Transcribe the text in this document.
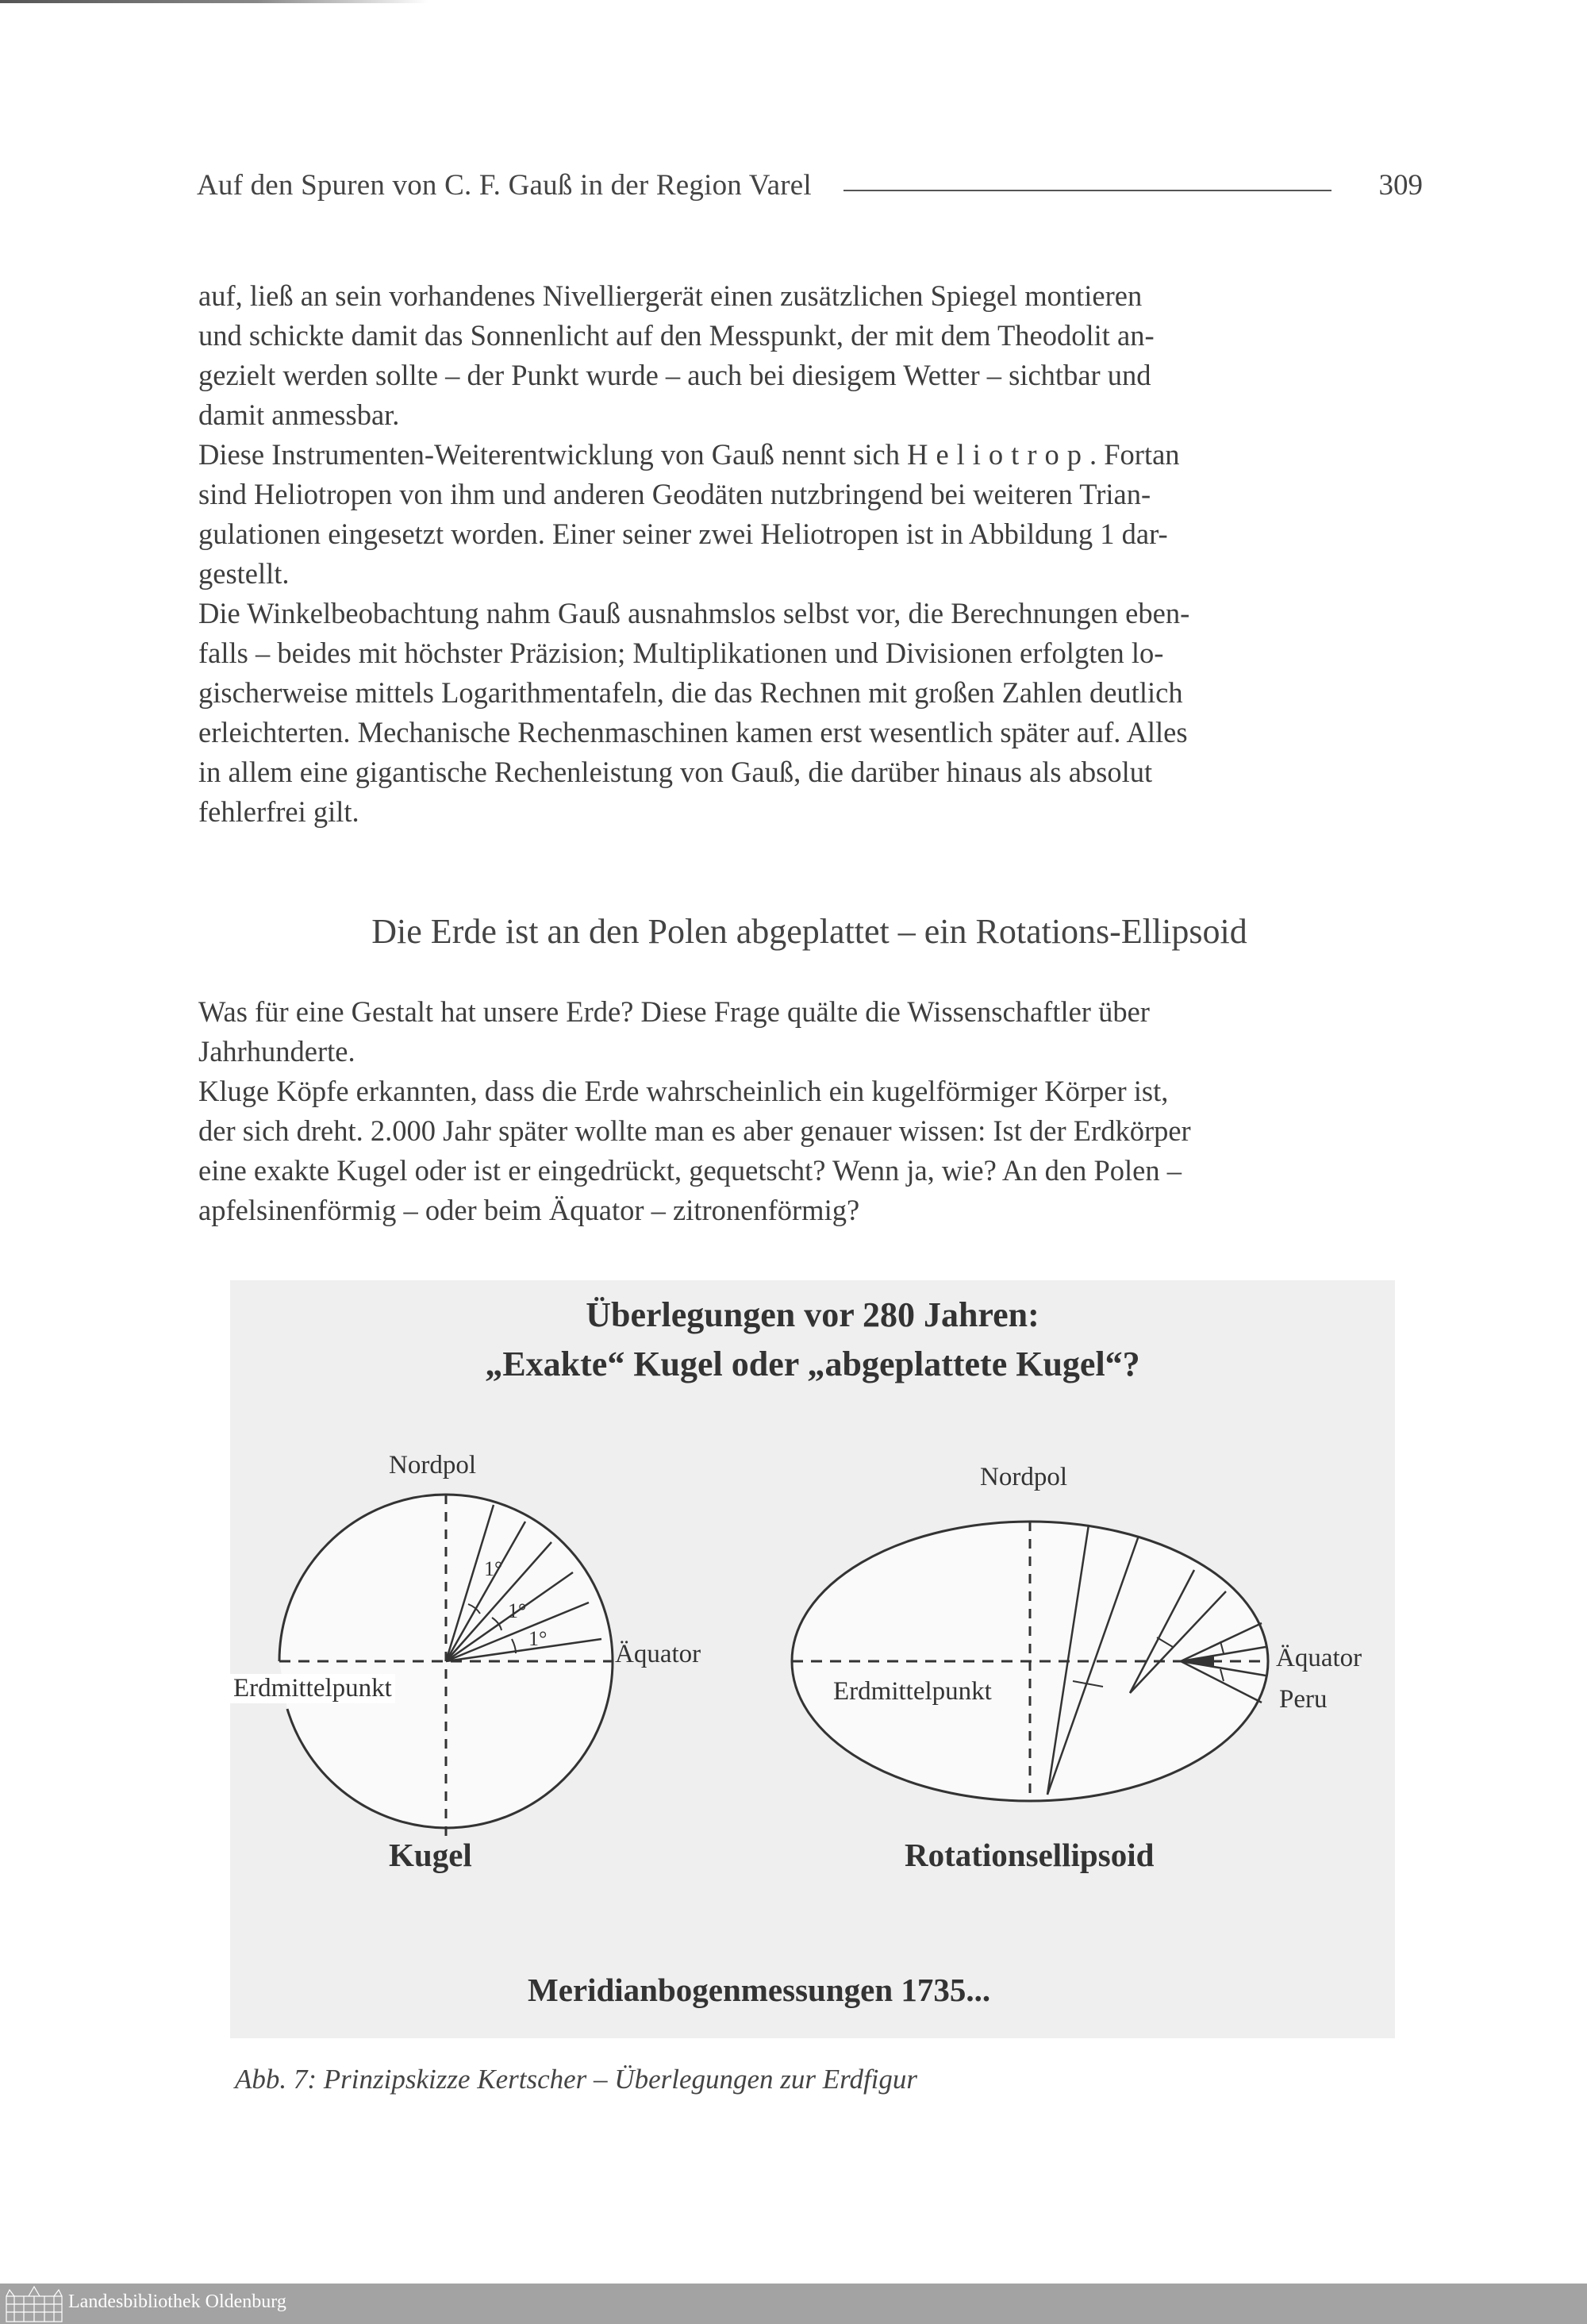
Auf den Spuren von C. F. Gauß in der Region Varel	309

auf, ließ an sein vorhandenes Nivelliergerät einen zusätzlichen Spiegel montieren

und schickte damit das Sonnenlicht auf den Messpunkt, der mit dem Theodolit an-

gezielt werden sollte – der Punkt wurde – auch bei diesigem Wetter – sichtbar und

damit anmessbar.

Diese Instrumenten-Weiterentwicklung von Gauß nennt sich Heliotrop. Fortan

sind Heliotropen von ihm und anderen Geodäten nutzbringend bei weiteren Trian-

gulationen eingesetzt worden. Einer seiner zwei Heliotropen ist in Abbildung 1 dar-

gestellt.

Die Winkelbeobachtung nahm Gauß ausnahmslos selbst vor, die Berechnungen eben-

falls – beides mit höchster Präzision; Multiplikationen und Divisionen erfolgten lo-

gischerweise mittels Logarithmentafeln, die das Rechnen mit großen Zahlen deutlich

erleichterten. Mechanische Rechenmaschinen kamen erst wesentlich später auf. Alles

in allem eine gigantische Rechenleistung von Gauß, die darüber hinaus als absolut

fehlerfrei gilt.

Die Erde ist an den Polen abgeplattet – ein Rotations-Ellipsoid

Was für eine Gestalt hat unsere Erde? Diese Frage quälte die Wissenschaftler über

Jahrhunderte.

Kluge Köpfe erkannten, dass die Erde wahrscheinlich ein kugelförmiger Körper ist,

der sich dreht. 2.000 Jahr später wollte man es aber genauer wissen: Ist der Erdkörper

eine exakte Kugel oder ist er eingedrückt, gequetscht? Wenn ja, wie? An den Polen –

apfelsinenförmig – oder beim Äquator – zitronenförmig?

1°
1°
1°
Überlegungen vor 280 Jahren:
„Exakte“ Kugel oder „abgeplattete Kugel“?
Nordpol
Äquator
Erdmittelpunkt
Kugel
Nordpol
Erdmittelpunkt
Äquator
Peru
Rotationsellipsoid
Meridianbogenmessungen 1735...
Abb. 7: Prinzipskizze Kertscher – Überlegungen zur Erdfigur
Landesbibliothek Oldenburg
